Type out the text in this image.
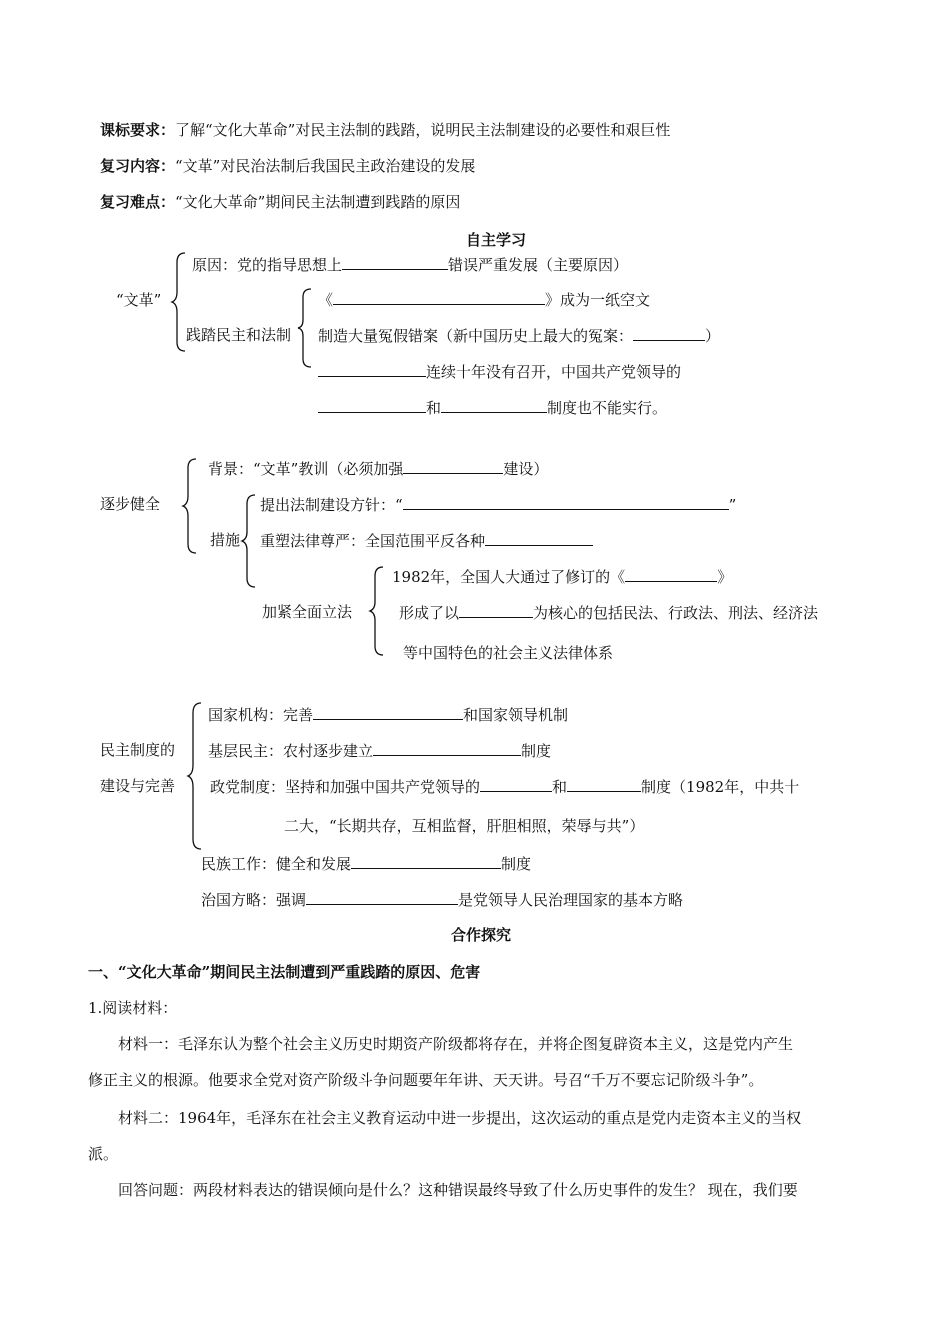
课标要求：了解“文化大革命”对民主法制的践踏，说明民主法制建设的必要性和艰巨性
复习内容：“文革”对民治法制后我国民主政治建设的发展
复习难点：“文化大革命”期间民主法制遭到践踏的原因
自主学习
“文革”
原因：党的指导思想上	错误严重发展（主要原因）
践踏民主和法制
《	》成为一纸空文
制造大量冤假错案（新中国历史上最大的冤案：	）
连续十年没有召开，中国共产党领导的
和	制度也不能实行。
逐步健全
背景：“文革”教训（必须加强	建设）
措施
提出法制建设方针：“	”
重塑法律尊严：全国范围平反各种
加紧全面立法
1982年，全国人大通过了修订的《	》
形成了以	为核心的包括民法、行政法、刑法、经济法
等中国特色的社会主义法律体系
民主制度的
建设与完善
国家机构：完善	和国家领导机制
基层民主：农村逐步建立	制度
政党制度：坚持和加强中国共产党领导的	和	制度（1982年，中共十
二大，“长期共存，互相监督，肝胆相照，荣辱与共”）
民族工作：健全和发展	制度
治国方略：强调	是党领导人民治理国家的基本方略
合作探究
一、“文化大革命”期间民主法制遭到严重践踏的原因、危害
1.阅读材料：
材料一：毛泽东认为整个社会主义历史时期资产阶级都将存在，并将企图复辟资本主义，这是党内产生
修正主义的根源。他要求全党对资产阶级斗争问题要年年讲、天天讲。号召“千万不要忘记阶级斗争”。
材料二：1964年，毛泽东在社会主义教育运动中进一步提出，这次运动的重点是党内走资本主义的当权
派。
回答问题：两段材料表达的错误倾向是什么？这种错误最终导致了什么历史事件的发生？ 现在，我们要
